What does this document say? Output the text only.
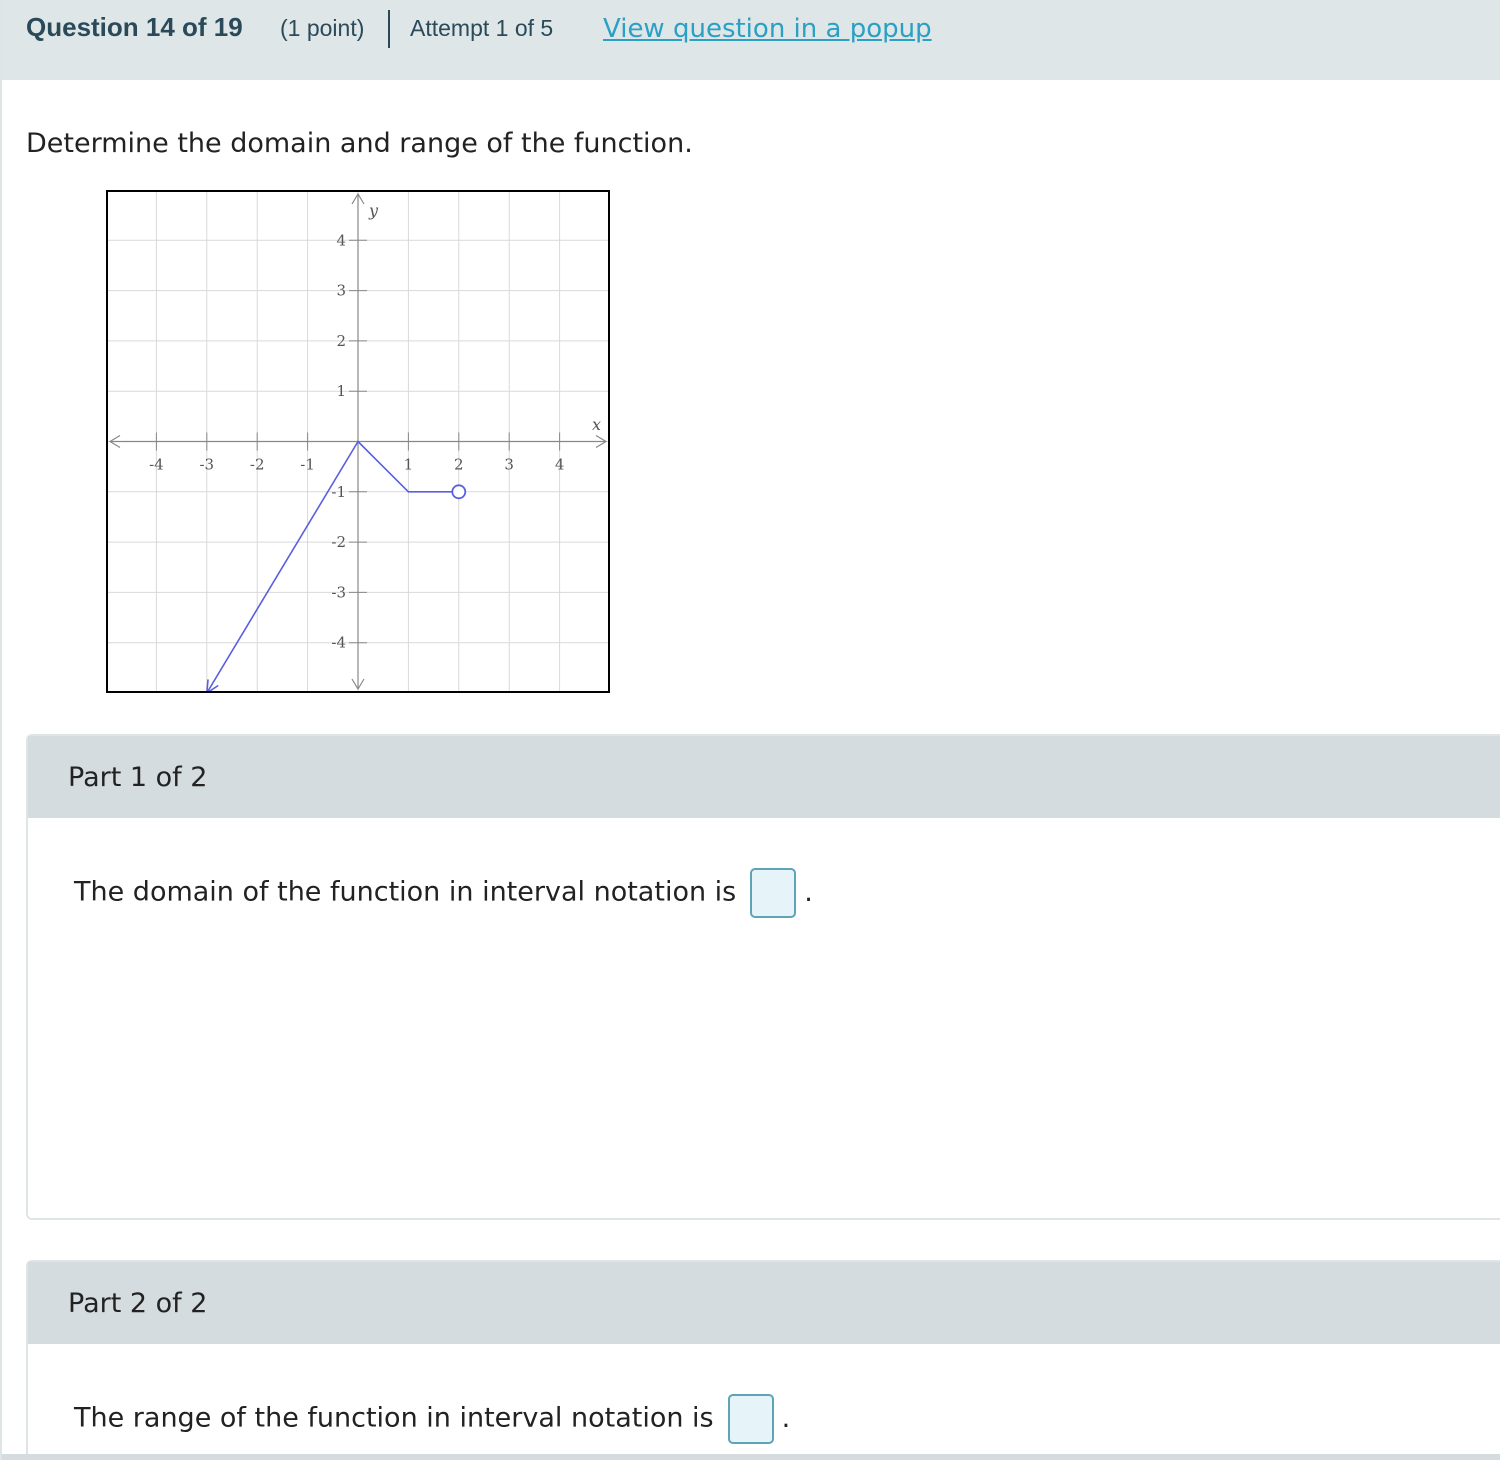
Question 14 of 19 (1 point) Attempt 1 of 5 View question in a popup
Determine the domain and range of the function.
-4 -3 -2 -1	1	2	3	4
4
3
2
1
-1
-2
-3
-4
x
y
Part 1 of 2
The domain of the function in interval notation is	.
Part 2 of 2
The range of the function in interval notation is	.
